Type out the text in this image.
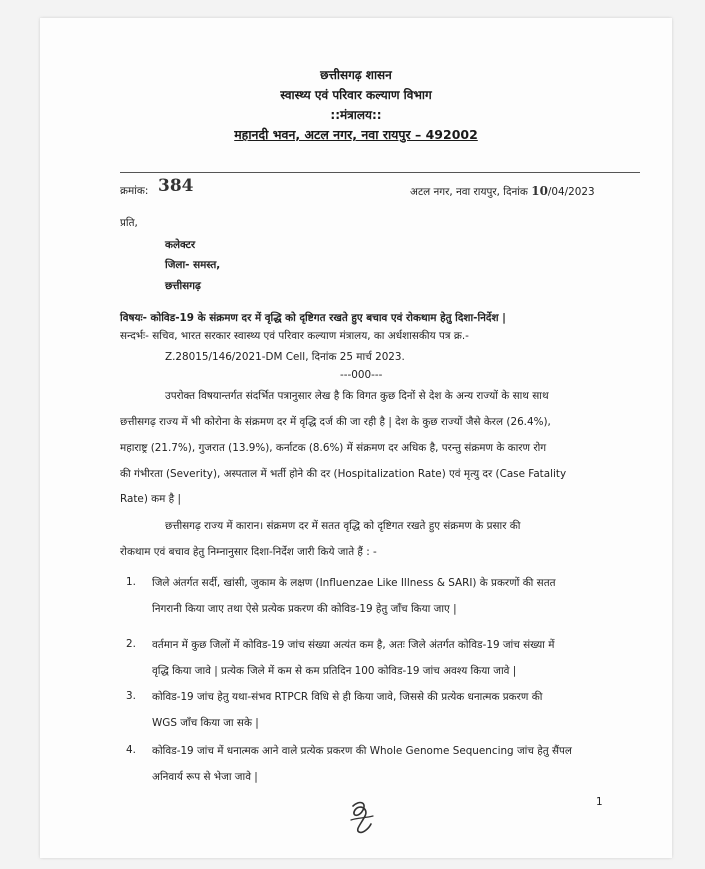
छत्तीसगढ़ शासन
स्वास्थ्य एवं परिवार कल्याण विभाग
::मंत्रालय::
महानदी भवन, अटल नगर, नवा रायपुर – 492002
क्रमांक: 384	अटल नगर, नवा रायपुर, दिनांक 10/04/2023
प्रति,
कलेक्टर
जिला- समस्त,
छत्तीसगढ़
विषयः- कोविड-19 के संक्रमण दर में वृद्धि को दृष्टिगत रखते हुए बचाव एवं रोकथाम हेतु दिशा-निर्देश |
सन्दर्भः- सचिव, भारत सरकार स्वास्थ्य एवं परिवार कल्याण मंत्रालय, का अर्धशासकीय पत्र क्र.-
Z.28015/146/2021-DM Cell, दिनांक 25 मार्च 2023.
---000---
उपरोक्त विषयान्तर्गत संदर्भित पत्रानुसार लेख है कि विगत कुछ दिनों से देश के अन्य राज्यों के साथ साथ
छत्तीसगढ़ राज्य में भी कोरोना के संक्रमण दर में वृद्धि दर्ज की जा रही है | देश के कुछ राज्यों जैसे केरल (26.4%),
महाराष्ट्र (21.7%), गुजरात (13.9%), कर्नाटक (8.6%) में संक्रमण दर अधिक है, परन्तु संक्रमण के कारण रोग
की गंभीरता (Severity), अस्पताल में भर्ती होने की दर (Hospitalization Rate) एवं मृत्यु दर (Case Fatality
Rate) कम है |
छत्तीसगढ़ राज्य में कारान। संक्रमण दर में सतत वृद्धि को दृष्टिगत रखते हुए संक्रमण के प्रसार की
रोकथाम एवं बचाव हेतु निम्नानुसार दिशा-निर्देश जारी किये जाते हैं : -
1. जिले अंतर्गत सर्दी, खांसी, जुकाम के लक्षण (Influenzae Like Illness & SARI) के प्रकरणों की सतत
निगरानी किया जाए तथा ऐसे प्रत्येक प्रकरण की कोविड-19 हेतु जाँच किया जाए |
2. वर्तमान में कुछ जिलों में कोविड-19 जांच संख्या अत्यंत कम है, अतः जिले अंतर्गत कोविड-19 जांच संख्या में
वृद्धि किया जावे | प्रत्येक जिले में कम से कम प्रतिदिन 100 कोविड-19 जांच अवश्य किया जावे |
3. कोविड-19 जांच हेतु यथा-संभव RTPCR विधि से ही किया जावे, जिससे की प्रत्येक धनात्मक प्रकरण की
WGS जाँच किया जा सके |
4. कोविड-19 जांच में धनात्मक आने वाले प्रत्येक प्रकरण की Whole Genome Sequencing जांच हेतु सैंपल
अनिवार्य रूप से भेजा जावे |
1
